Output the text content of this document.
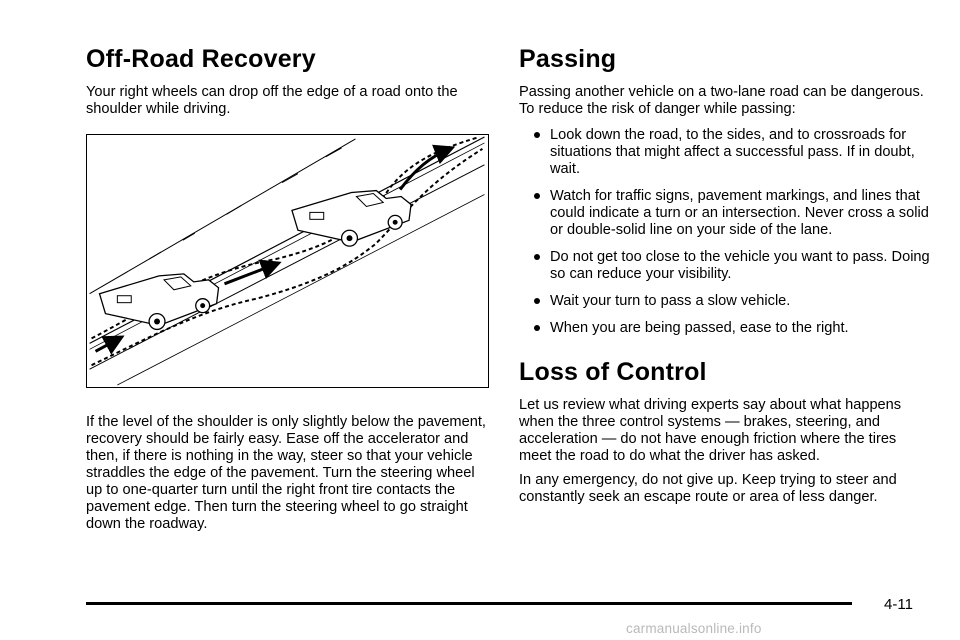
Off-Road Recovery

Your right wheels can drop off the edge of a road onto the shoulder while driving.

If the level of the shoulder is only slightly below the pavement, recovery should be fairly easy. Ease off the accelerator and then, if there is nothing in the way, steer so that your vehicle straddles the edge of the pavement. Turn the steering wheel up to one-quarter turn until the right front tire contacts the pavement edge. Then turn the steering wheel to go straight down the roadway.

Passing

Passing another vehicle on a two-lane road can be dangerous. To reduce the risk of danger while passing:

Look down the road, to the sides, and to crossroads for situations that might affect a successful pass. If in doubt, wait.
Watch for traffic signs, pavement markings, and lines that could indicate a turn or an intersection. Never cross a solid or double-solid line on your side of the lane.
Do not get too close to the vehicle you want to pass. Doing so can reduce your visibility.
Wait your turn to pass a slow vehicle.
When you are being passed, ease to the right.
Loss of Control

Let us review what driving experts say about what happens when the three control systems — brakes, steering, and acceleration — do not have enough friction where the tires meet the road to do what the driver has asked.

In any emergency, do not give up. Keep trying to steer and constantly seek an escape route or area of less danger.

4-11
carmanualsonline.info
